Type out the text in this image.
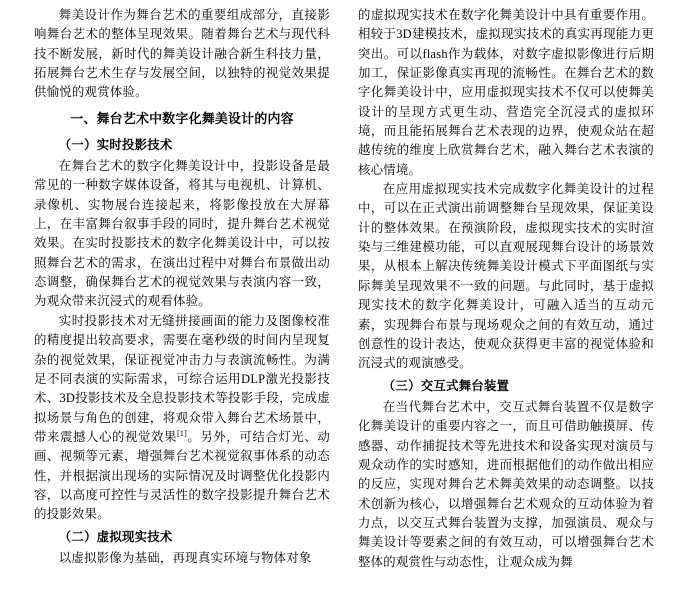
舞美设计作为舞台艺术的重要组成部分，直接影响舞台艺术的整体呈现效果。随着舞台艺术与现代科技不断发展，新时代的舞美设计融合新生科技力量，拓展舞台艺术生存与发展空间，以独特的视觉效果提供愉悦的观赏体验。

一、舞台艺术中数字化舞美设计的内容
（一）实时投影技术

在舞台艺术的数字化舞美设计中，投影设备是最常见的一种数字媒体设备，将其与电视机、计算机、录像机、实物展台连接起来，将影像投放在大屏幕上，在丰富舞台叙事手段的同时，提升舞台艺术视觉效果。在实时投影技术的数字化舞美设计中，可以按照舞台艺术的需求，在演出过程中对舞台布景做出动态调整，确保舞台艺术的视觉效果与表演内容一致，为观众带来沉浸式的观看体验。

实时投影技术对无缝拼接画面的能力及图像校准的精度提出较高要求，需要在毫秒级的时间内呈现复杂的视觉效果，保证视觉冲击力与表演流畅性。为满足不同表演的实际需求，可综合运用DLP激光投影技术、3D投影技术及全息投影技术等投影手段，完成虚拟场景与角色的创建，将观众带入舞台艺术场景中，带来震撼人心的视觉效果[1]。另外，可结合灯光、动画、视频等元素，增强舞台艺术视觉叙事体系的动态性，并根据演出现场的实际情况及时调整优化投影内容，以高度可控性与灵活性的数字投影提升舞台艺术的投影效果。

（二）虚拟现实技术

以虚拟影像为基础，再现真实环境与物体对象

的虚拟现实技术在数字化舞美设计中具有重要作用。相较于3D建模技术，虚拟现实技术的真实再现能力更突出。可以flash作为载体，对数字虚拟影像进行后期加工，保证影像真实再现的流畅性。在舞台艺术的数字化舞美设计中，应用虚拟现实技术不仅可以使舞美设计的呈现方式更生动、营造完全沉浸式的虚拟环境，而且能拓展舞台艺术表现的边界，使观众站在超越传统的维度上欣赏舞台艺术，融入舞台艺术表演的核心情境。

在应用虚拟现实技术完成数字化舞美设计的过程中，可以在正式演出前调整舞台呈现效果，保证美设计的整体效果。在预演阶段，虚拟现实技术的实时渲染与三维建模功能，可以直观展现舞台设计的场景效果，从根本上解决传统舞美设计模式下平面图纸与实际舞美呈现效果不一致的问题。与此同时，基于虚拟现实技术的数字化舞美设计，可融入适当的互动元素，实现舞台布景与现场观众之间的有效互动，通过创意性的设计表达，使观众获得更丰富的视觉体验和沉浸式的观演感受。

（三）交互式舞台装置

在当代舞台艺术中，交互式舞台装置不仅是数字化舞美设计的重要内容之一，而且可借助触摸屏、传感器、动作捕捉技术等先进技术和设备实现对演员与观众动作的实时感知，进而根据他们的动作做出相应的反应，实现对舞台艺术舞美效果的动态调整。以技术创新为核心，以增强舞台艺术观众的互动体验为着力点，以交互式舞台装置为支撑，加强演员、观众与舞美设计等要素之间的有效互动，可以增强舞台艺术整体的观赏性与动态性，让观众成为舞
